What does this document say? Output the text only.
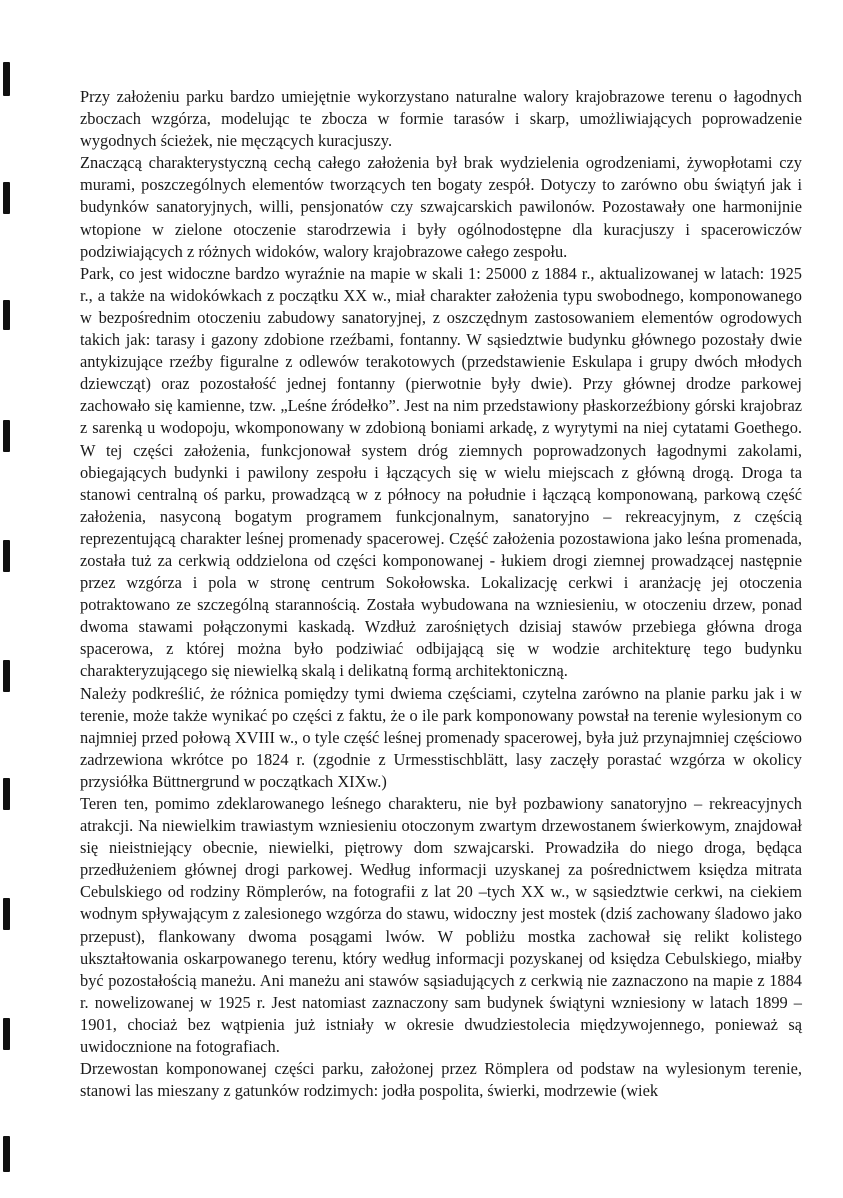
Przy założeniu parku bardzo umiejętnie wykorzystano naturalne walory krajobrazowe terenu o łagodnych zboczach wzgórza, modelując te zbocza w formie tarasów i skarp, umożliwiających poprowadzenie wygodnych ścieżek, nie męczących kuracjuszy.

Znaczącą charakterystyczną cechą całego założenia był brak wydzielenia ogrodzeniami, żywopłotami czy murami, poszczególnych elementów tworzących ten bogaty zespół. Dotyczy to zarówno obu świątyń jak i budynków sanatoryjnych, willi, pensjonatów czy szwajcarskich pawilonów. Pozostawały one harmonijnie wtopione w zielone otoczenie starodrzewia i były ogólnodostępne dla kuracjuszy i spacerowiczów podziwiających z różnych widoków, walory krajobrazowe całego zespołu.

Park, co jest widoczne bardzo wyraźnie na mapie w skali 1: 25000 z 1884 r., aktualizowanej w latach: 1925 r., a także na widokówkach z początku XX w., miał charakter założenia typu swobodnego, komponowanego w bezpośrednim otoczeniu zabudowy sanatoryjnej, z oszczędnym zastosowaniem elementów ogrodowych takich jak: tarasy i gazony zdobione rzeźbami, fontanny. W sąsiedztwie budynku głównego pozostały dwie antykizujące rzeźby figuralne z odlewów terakotowych (przedstawienie Eskulapa i grupy dwóch młodych dziewcząt) oraz pozostałość jednej fontanny (pierwotnie były dwie). Przy głównej drodze parkowej zachowało się kamienne, tzw. „Leśne źródełko”. Jest na nim przedstawiony płaskorzeźbiony górski krajobraz z sarenką u wodopoju, wkomponowany w zdobioną boniami arkadę, z wyrytymi na niej cytatami Goethego. W tej części założenia, funkcjonował system dróg ziemnych poprowadzonych łagodnymi zakolami, obiegających budynki i pawilony zespołu i łączących się w wielu miejscach z główną drogą. Droga ta stanowi centralną oś parku, prowadzącą w z północy na południe i łączącą komponowaną, parkową część założenia, nasyconą bogatym programem funkcjonalnym, sanatoryjno – rekreacyjnym, z częścią reprezentującą charakter leśnej promenady spacerowej. Część założenia pozostawiona jako leśna promenada, została tuż za cerkwią oddzielona od części komponowanej - łukiem drogi ziemnej prowadzącej następnie przez wzgórza i pola w stronę centrum Sokołowska. Lokalizację cerkwi i aranżację jej otoczenia potraktowano ze szczególną starannością. Została wybudowana na wzniesieniu, w otoczeniu drzew, ponad dwoma stawami połączonymi kaskadą. Wzdłuż zarośniętych dzisiaj stawów przebiega główna droga spacerowa, z której można było podziwiać odbijającą się w wodzie architekturę tego budynku charakteryzującego się niewielką skalą i delikatną formą architektoniczną.

Należy podkreślić, że różnica pomiędzy tymi dwiema częściami, czytelna zarówno na planie parku jak i w terenie, może także wynikać po części z faktu, że o ile park komponowany powstał na terenie wylesionym co najmniej przed połową XVIII w., o tyle część leśnej promenady spacerowej, była już przynajmniej częściowo zadrzewiona wkrótce po 1824 r. (zgodnie z Urmesstischblätt, lasy zaczęły porastać wzgórza w okolicy przysiółka Büttnergrund w początkach XIXw.)

Teren ten, pomimo zdeklarowanego leśnego charakteru, nie był pozbawiony sanatoryjno – rekreacyjnych atrakcji. Na niewielkim trawiastym wzniesieniu otoczonym zwartym drzewostanem świerkowym, znajdował się nieistniejący obecnie, niewielki, piętrowy dom szwajcarski. Prowadziła do niego droga, będąca przedłużeniem głównej drogi parkowej. Według informacji uzyskanej za pośrednictwem księdza mitrata Cebulskiego od rodziny Römplerów, na fotografii z lat 20 –tych XX w., w sąsiedztwie cerkwi, na ciekiem wodnym spływającym z zalesionego wzgórza do stawu, widoczny jest mostek (dziś zachowany śladowo jako przepust), flankowany dwoma posągami lwów. W pobliżu mostka zachował się relikt kolistego ukształtowania oskarpowanego terenu, który według informacji pozyskanej od księdza Cebulskiego, miałby być pozostałością maneżu. Ani maneżu ani stawów sąsiadujących z cerkwią nie zaznaczono na mapie z 1884 r. nowelizowanej w 1925 r. Jest natomiast zaznaczony sam budynek świątyni wzniesiony w latach 1899 –1901, chociaż bez wątpienia już istniały w okresie dwudziestolecia międzywojennego, ponieważ są uwidocznione na fotografiach.

Drzewostan komponowanej części parku, założonej przez Römplera od podstaw na wylesionym terenie, stanowi las mieszany z gatunków rodzimych: jodła pospolita, świerki, modrzewie (wiek
